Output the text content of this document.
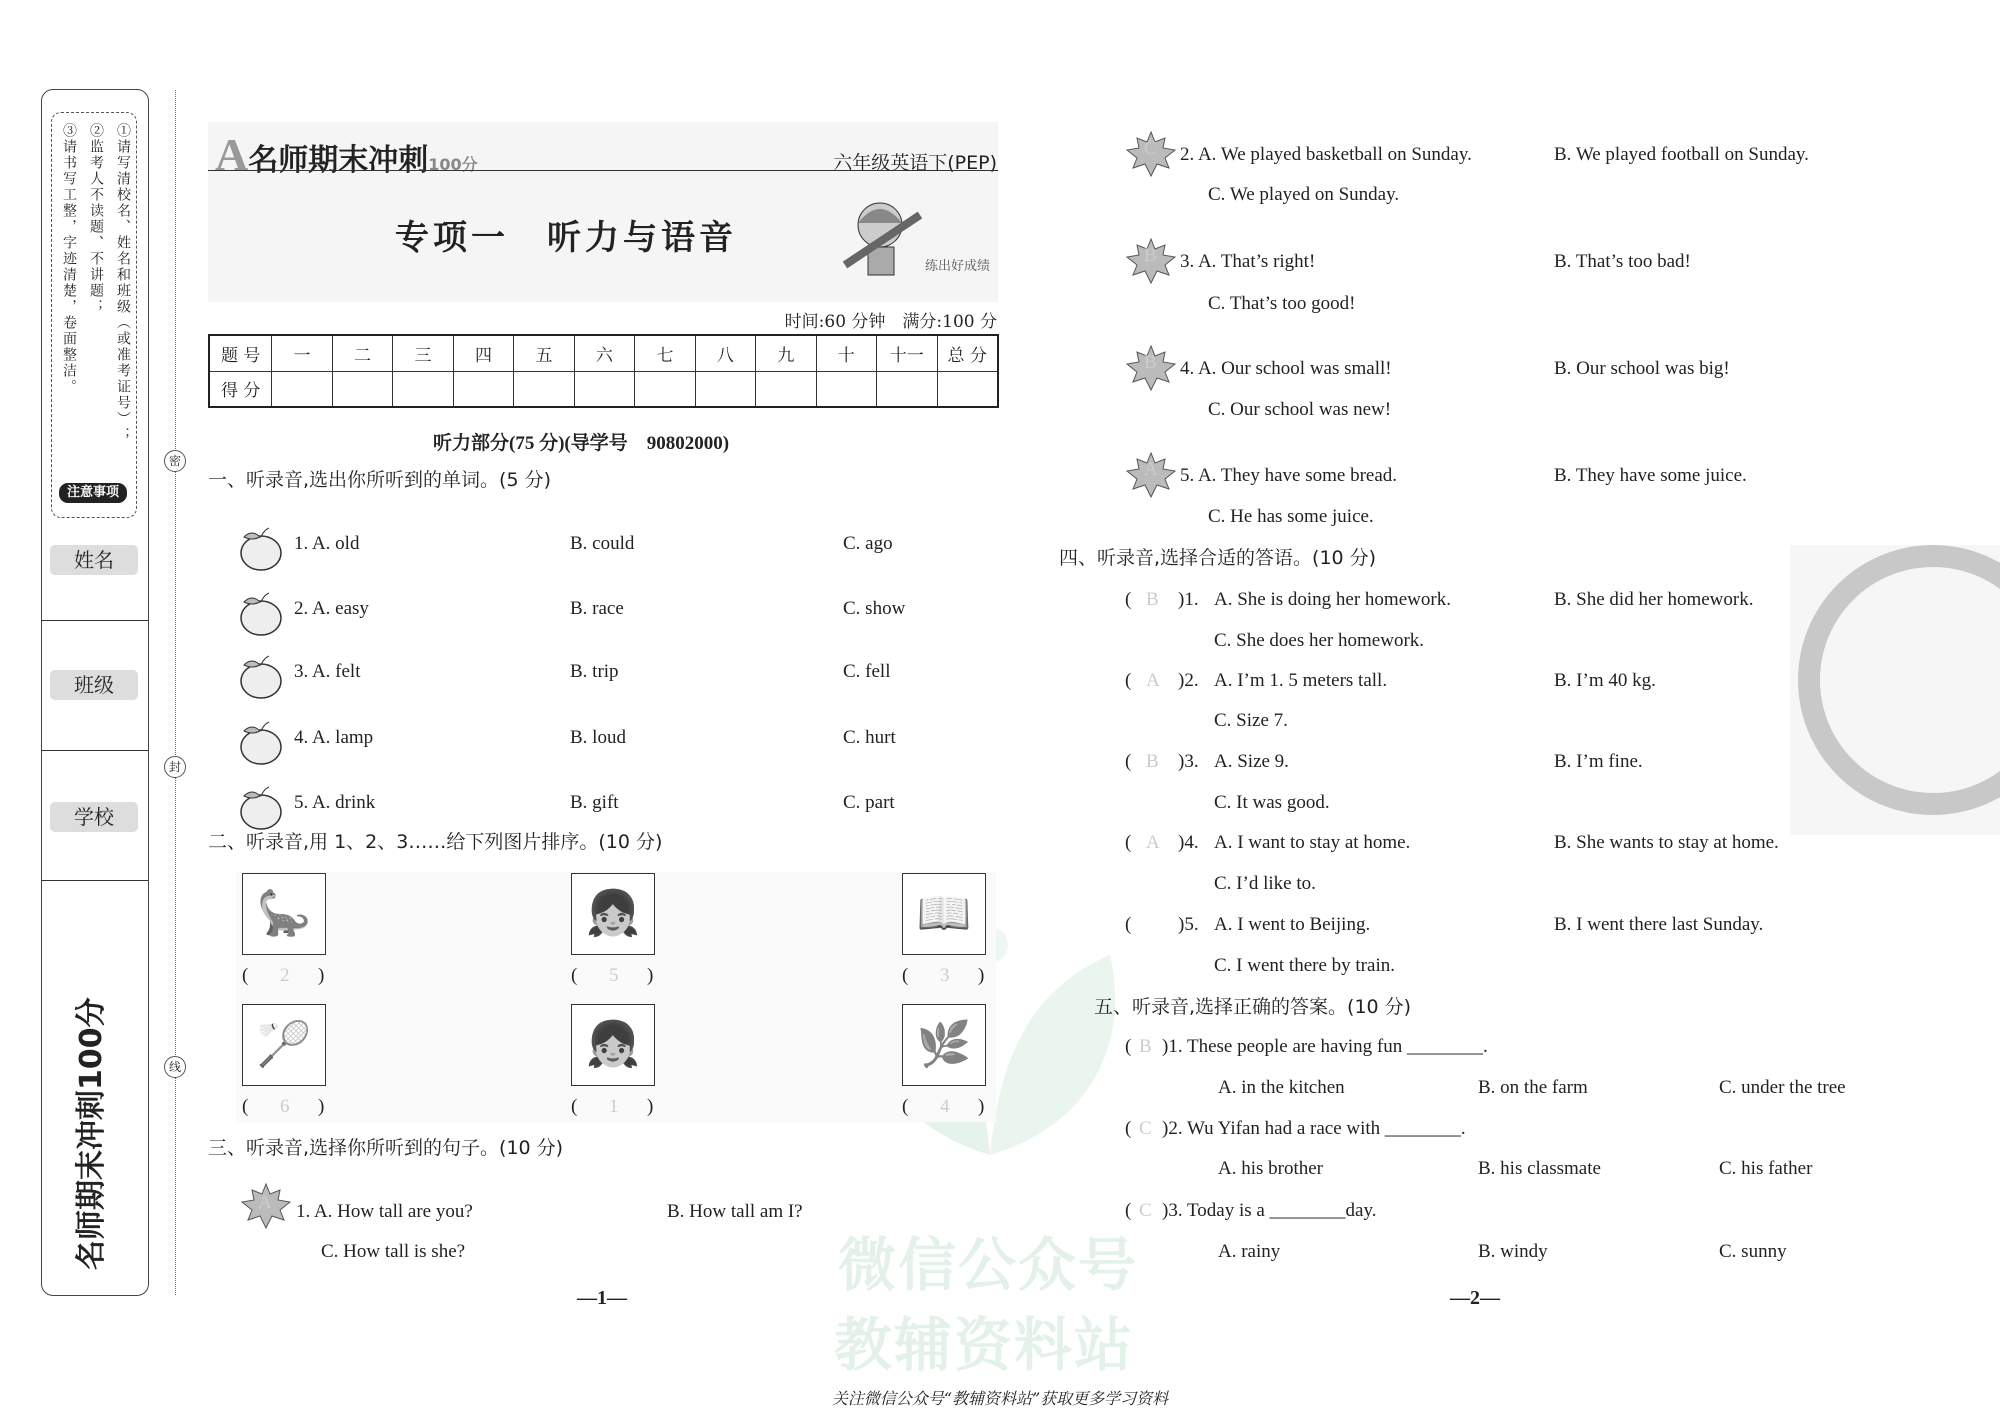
微信公众号
教辅资料站
①请写清校名、姓名和班级（或准考证号）；
②监考人不读题、不讲题；
③请书写工整，字迹清楚，卷面整洁。
注意事项
姓名
班级
学校
名师期末冲刺100分
密
封
线
A名师期末冲刺100分	六年级英语下(PEP)
专项一　听力与语音
练出好成绩
时间:60 分钟　满分:100 分
题 号	一	二	三	四	五	六	七	八	九	十	十一	总 分
得 分												
听力部分(75 分)(导学号　90802000)
—1—	—2—
关注微信公众号“教辅资料站”获取更多学习资料
一、听录音,选出你所听到的单词。(5 分)
1. A. old	B. could	C. ago
2. A. easy	B. race	C. show
3. A. felt	B. trip	C. fell
4. A. lamp	B. loud	C. hurt
5. A. drink	B. gift	C. part
二、听录音,用 1、2、3……给下列图片排序。(10 分)
🦕
( 2 )
👧
( 5 )
📖
( 3 )
🏸
( 6 )
👧
( 1 )
🌿
( 4 )
三、听录音,选择你所听到的句子。(10 分)
A 1. A. How tall are you?	B. How tall am I?
C. How tall is she?
C 2. A. We played basketball on Sunday.	B. We played football on Sunday.
C. We played on Sunday.
B 3. A. That’s right!	B. That’s too bad!
C. That’s too good!
B 4. A. Our school was small!	B. Our school was big!
C. Our school was new!
A 5. A. They have some bread.	B. They have some juice.
C. He has some juice.
四、听录音,选择合适的答语。(10 分)
( B )1. A. She is doing her homework.	B. She did her homework.
C. She does her homework.
( A )2. A. I’m 1. 5 meters tall.	B. I’m 40 kg.
C. Size 7.
( B )3. A. Size 9.	B. I’m fine.
C. It was good.
( A )4. A. I want to stay at home.	B. She wants to stay at home.
C. I’d like to.
( )5. A. I went to Beijing.	B. I went there last Sunday.
C. I went there by train.
五、听录音,选择正确的答案。(10 分)
( B )1. These people are having fun ________.
A. in the kitchen	B. on the farm	C. under the tree
( C )2. Wu Yifan had a race with ________.
A. his brother	B. his classmate	C. his father
( C )3. Today is a ________day.
A. rainy	B. windy	C. sunny
